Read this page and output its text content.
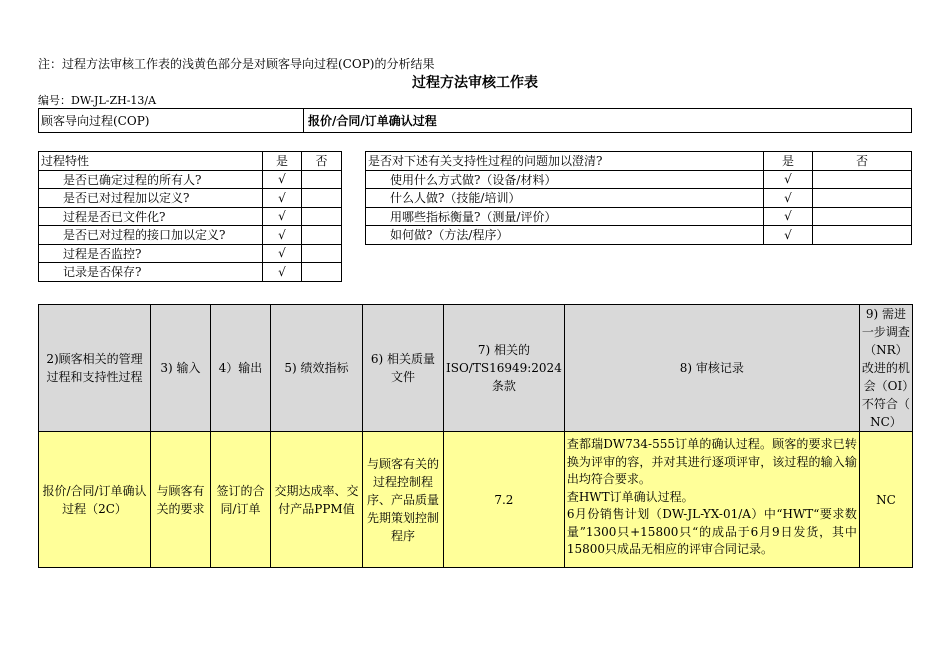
注：过程方法审核工作表的浅黄色部分是对顾客导向过程(COP)的分析结果
过程方法审核工作表
编号：DW-JL-ZH-13/A
顾客导向过程(COP)	报价/合同/订单确认过程
过程特性	是	否
是否已确定过程的所有人?	√	
是否已对过程加以定义?	√	
过程是否已文件化?	√	
是否已对过程的接口加以定义?	√	
过程是否监控?	√	
记录是否保存?	√	
是否对下述有关支持性过程的问题加以澄清?	是	否
使用什么方式做?（设备/材料）	√	
什么人做?（技能/培训）	√	
用哪些指标衡量?（测量/评价）	√	
如何做?（方法/程序）	√	
2)顾客相关的管理过程和支持性过程	3) 输入	4）输出	5) 绩效指标	6) 相关质量文件	7) 相关的ISO/TS16949:2024条款	8) 审核记录	9) 需进一步调查（NR）改进的机会（OI）不符合（ NC）
报价/合同/订单确认过程（2C）	与顾客有关的要求	签订的合同/订单	交期达成率、交付产品PPM值	与顾客有关的过程控制程序、产品质量先期策划控制程序	7.2	查都瑞DW734-555订单的确认过程。顾客的要求已转换为评审的容，并对其进行逐项评审，该过程的输入输出均符合要求。
查HWT订单确认过程。
6月份销售计划（DW-JL-YX-01/A）中“HWT“要求数量”1300只+15800只“的成品于6月9日发货，其中15800只成品无相应的评审合同记录。	NC
